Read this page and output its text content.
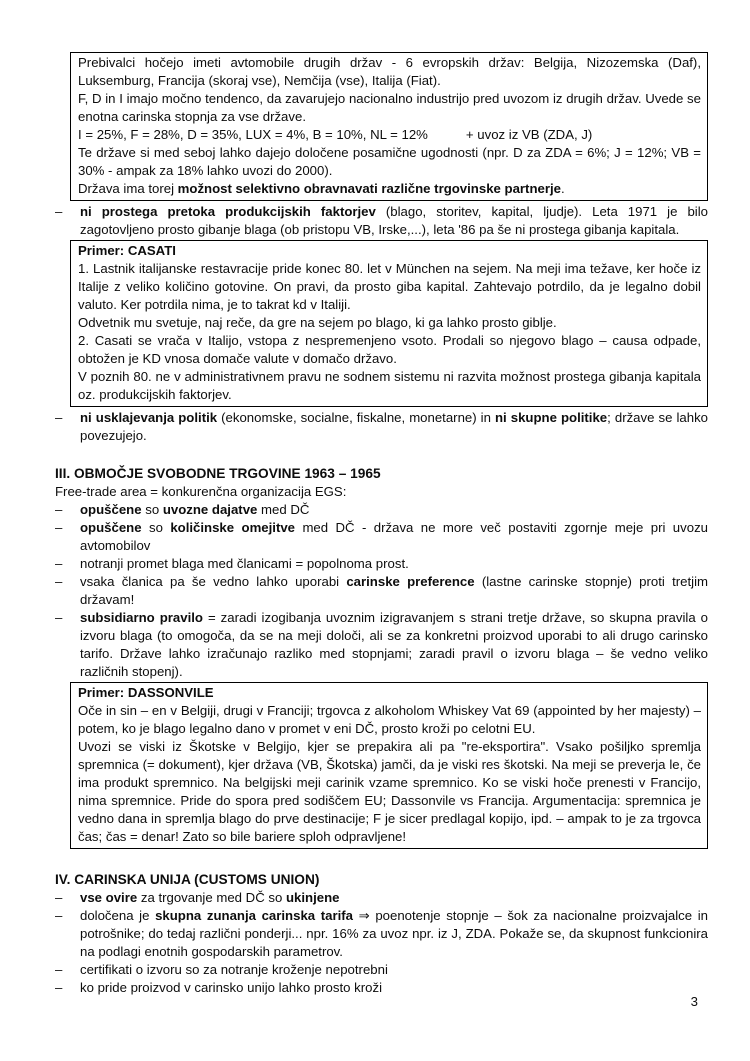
Prebivalci hočejo imeti avtomobile drugih držav - 6 evropskih držav: Belgija, Nizozemska (Daf), Luksemburg, Francija (skoraj vse), Nemčija (vse), Italija (Fiat).

F, D in I imajo močno tendenco, da zavarujejo nacionalno industrijo pred uvozom iz drugih držav. Uvede se enotna carinska stopnja za vse države.

I = 25%, F = 28%, D = 35%, LUX = 4%, B = 10%, NL = 12%	+ uvoz iz VB (ZDA, J)

Te države si med seboj lahko dajejo določene posamične ugodnosti (npr. D za ZDA = 6%; J = 12%; VB = 30% - ampak za 18% lahko uvozi do 2000).

Država ima torej možnost selektivno obravnavati različne trgovinske partnerje.

–	ni prostega pretoka produkcijskih faktorjev (blago, storitev, kapital, ljudje). Leta 1971 je bilo zagotovljeno prosto gibanje blaga (ob pristopu VB, Irske,...), leta '86 pa še ni prostega gibanja kapitala.

Primer: CASATI

1. Lastnik italijanske restavracije pride konec 80. let v München na sejem. Na meji ima težave, ker hoče iz Italije z veliko količino gotovine. On pravi, da prosto giba kapital. Zahtevajo potrdilo, da je legalno dobil valuto. Ker potrdila nima, je to takrat kd v Italiji.

Odvetnik mu svetuje, naj reče, da gre na sejem po blago, ki ga lahko prosto giblje.

2. Casati se vrača v Italijo, vstopa z nespremenjeno vsoto. Prodali so njegovo blago – causa odpade, obtožen je KD vnosa domače valute v domačo državo.

V poznih 80. ne v administrativnem pravu ne sodnem sistemu ni razvita možnost prostega gibanja kapitala oz. produkcijskih faktorjev.

–	ni usklajevanja politik (ekonomske, socialne, fiskalne, monetarne) in ni skupne politike; države se lahko povezujejo.

III. OBMOČJE SVOBODNE TRGOVINE 1963 – 1965

Free-trade area = konkurenčna organizacija EGS:

–	opuščene so uvozne dajatve med DČ

–	opuščene so količinske omejitve med DČ - država ne more več postaviti zgornje meje pri uvozu avtomobilov

–	notranji promet blaga med članicami = popolnoma prost.

–	vsaka članica pa še vedno lahko uporabi carinske preference (lastne carinske stopnje) proti tretjim državam!

–	subsidiarno pravilo = zaradi izogibanja uvoznim izigravanjem s strani tretje države, so skupna pravila o izvoru blaga (to omogoča, da se na meji določi, ali se za konkretni proizvod uporabi to ali drugo carinsko tarifo. Države lahko izračunajo razliko med stopnjami; zaradi pravil o izvoru blaga – še vedno veliko različnih stopenj).

Primer: DASSONVILE

Oče in sin – en v Belgiji, drugi v Franciji; trgovca z alkoholom Whiskey Vat 69 (appointed by her majesty) – potem, ko je blago legalno dano v promet v eni DČ, prosto kroži po celotni EU.

Uvozi se viski iz Škotske v Belgijo, kjer se prepakira ali pa "re-eksportira". Vsako pošiljko spremlja spremnica (= dokument), kjer država (VB, Škotska) jamči, da je viski res škotski. Na meji se preverja le, če ima produkt spremnico. Na belgijski meji carinik vzame spremnico. Ko se viski hoče prenesti v Francijo, nima spremnice. Pride do spora pred sodiščem EU; Dassonvile vs Francija. Argumentacija: spremnica je vedno dana in spremlja blago do prve destinacije; F je sicer predlagal kopijo, ipd. – ampak to je za trgovca čas; čas = denar! Zato so bile bariere sploh odpravljene!

IV. CARINSKA UNIJA (CUSTOMS UNION)
–	vse ovire za trgovanje med DČ so ukinjene

–	določena je skupna zunanja carinska tarifa ⇒ poenotenje stopnje – šok za nacionalne proizvajalce in potrošnike; do tedaj različni ponderji... npr. 16% za uvoz npr. iz J, ZDA. Pokaže se, da skupnost funkcionira na podlagi enotnih gospodarskih parametrov.

–	certifikati o izvoru so za notranje kroženje nepotrebni

–	ko pride proizvod v carinsko unijo lahko prosto kroži

3
